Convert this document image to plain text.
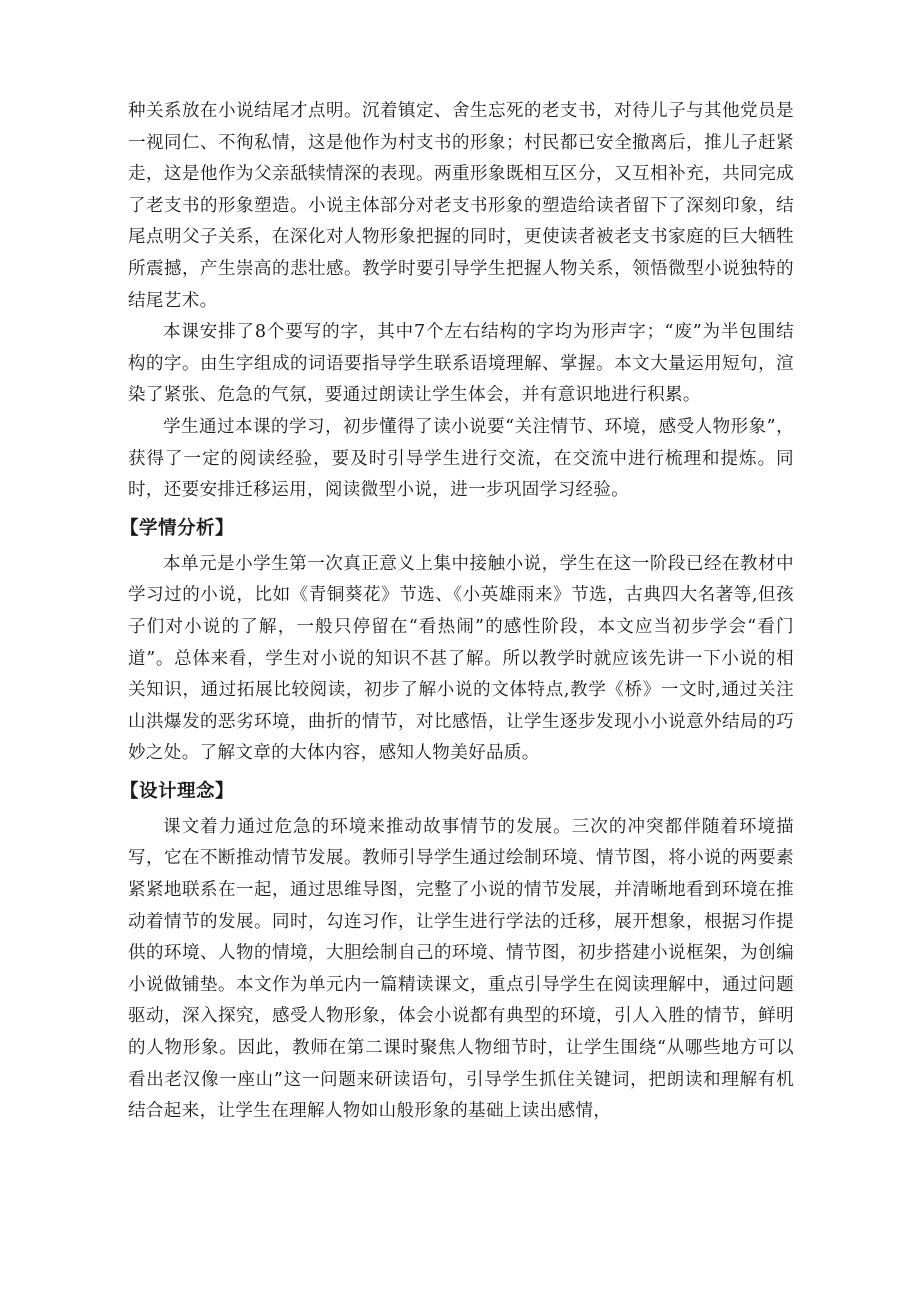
种关系放在小说结尾才点明。沉着镇定、舍生忘死的老支书，对待儿子与其他党员是一视同仁、不徇私情，这是他作为村支书的形象；村民都已安全撤离后，推儿子赶紧走，这是他作为父亲舐犊情深的表现。两重形象既相互区分，又互相补充，共同完成了老支书的形象塑造。小说主体部分对老支书形象的塑造给读者留下了深刻印象，结尾点明父子关系，在深化对人物形象把握的同时，更使读者被老支书家庭的巨大牺牲所震撼，产生崇高的悲壮感。教学时要引导学生把握人物关系，领悟微型小说独特的结尾艺术。

本课安排了8个要写的字，其中7个左右结构的字均为形声字；“废”为半包围结构的字。由生字组成的词语要指导学生联系语境理解、掌握。本文大量运用短句，渲染了紧张、危急的气氛，要通过朗读让学生体会，并有意识地进行积累。

学生通过本课的学习，初步懂得了读小说要“关注情节、环境，感受人物形象”，获得了一定的阅读经验，要及时引导学生进行交流，在交流中进行梳理和提炼。同时，还要安排迁移运用，阅读微型小说，进一步巩固学习经验。

【学情分析】

本单元是小学生第一次真正意义上集中接触小说，学生在这一阶段已经在教材中学习过的小说，比如《青铜葵花》节选、《小英雄雨来》节选，古典四大名著等,但孩子们对小说的了解，一般只停留在“看热闹”的感性阶段，本文应当初步学会“看门道”。总体来看，学生对小说的知识不甚了解。所以教学时就应该先讲一下小说的相关知识，通过拓展比较阅读，初步了解小说的文体特点,教学《桥》一文时,通过关注山洪爆发的恶劣环境，曲折的情节，对比感悟，让学生逐步发现小小说意外结局的巧妙之处。了解文章的大体内容，感知人物美好品质。

【设计理念】

课文着力通过危急的环境来推动故事情节的发展。三次的冲突都伴随着环境描写，它在不断推动情节发展。教师引导学生通过绘制环境、情节图，将小说的两要素紧紧地联系在一起，通过思维导图，完整了小说的情节发展，并清晰地看到环境在推动着情节的发展。同时，勾连习作，让学生进行学法的迁移，展开想象，根据习作提供的环境、人物的情境，大胆绘制自己的环境、情节图，初步搭建小说框架，为创编小说做铺垫。本文作为单元内一篇精读课文，重点引导学生在阅读理解中，通过问题驱动，深入探究，感受人物形象，体会小说都有典型的环境，引人入胜的情节，鲜明的人物形象。因此，教师在第二课时聚焦人物细节时，让学生围绕“从哪些地方可以看出老汉像一座山”这一问题来研读语句，引导学生抓住关键词，把朗读和理解有机结合起来，让学生在理解人物如山般形象的基础上读出感情，
